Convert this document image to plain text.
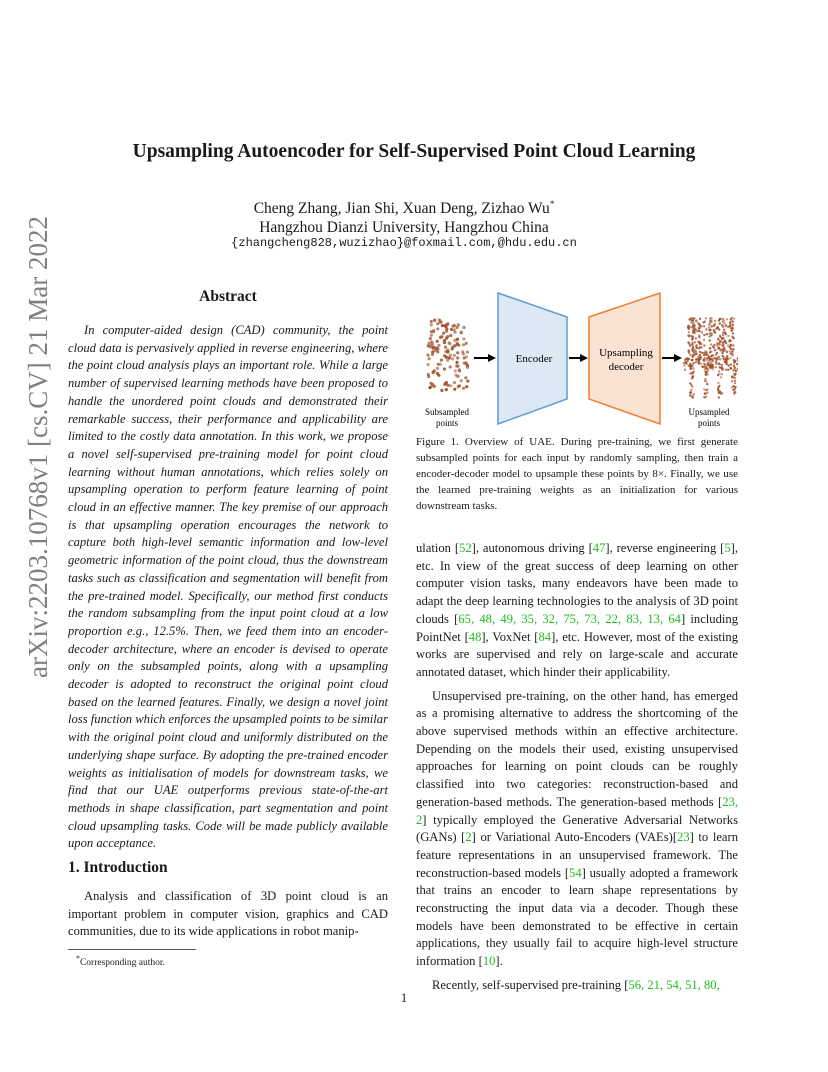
Upsampling Autoencoder for Self-Supervised Point Cloud Learning
Cheng Zhang, Jian Shi, Xuan Deng, Zizhao Wu*
Hangzhou Dianzi University, Hangzhou China
{zhangcheng828,wuzizhao}@foxmail.com,@hdu.edu.cn
arXiv:2203.10768v1 [cs.CV] 21 Mar 2022	Abstract

In computer-aided design (CAD) community, the point cloud data is pervasively applied in reverse engineering, where the point cloud analysis plays an important role. While a large number of supervised learning methods have been proposed to handle the unordered point clouds and demonstrated their remarkable success, their performance and applicability are limited to the costly data annotation. In this work, we propose a novel self-supervised pre-training model for point cloud learning without human annotations, which relies solely on upsampling operation to perform feature learning of point cloud in an effective manner. The key premise of our approach is that upsampling operation encourages the network to capture both high-level semantic information and low-level geometric information of the point cloud, thus the downstream tasks such as classification and segmentation will benefit from the pre-trained model. Specifically, our method first conducts the random subsampling from the input point cloud at a low proportion e.g., 12.5%. Then, we feed them into an encoder-decoder architecture, where an encoder is devised to operate only on the subsampled points, along with a upsampling decoder is adopted to reconstruct the original point cloud based on the learned features. Finally, we design a novel joint loss function which enforces the upsampled points to be similar with the original point cloud and uniformly distributed on the underlying shape surface. By adopting the pre-trained encoder weights as initialisation of models for downstream tasks, we find that our UAE outperforms previous state-of-the-art methods in shape classification, part segmentation and point cloud upsampling tasks. Code will be made publicly available upon acceptance.

1. Introduction

Analysis and classification of 3D point cloud is an important problem in computer vision, graphics and CAD communities, due to its wide applications in robot manip-

*Corresponding author.
Encoder	Upsampling
decoder
Subsampled
points
Upsampled
points
Figure 1. Overview of UAE. During pre-training, we first generate subsampled points for each input by randomly sampling, then train a encoder-decoder model to upsample these points by 8×. Finally, we use the learned pre-training weights as an initialization for various downstream tasks.

ulation [52], autonomous driving [47], reverse engineering [5], etc. In view of the great success of deep learning on other computer vision tasks, many endeavors have been made to adapt the deep learning technologies to the analysis of 3D point clouds [65, 48, 49, 35, 32, 75, 73, 22, 83, 13, 64] including PointNet [48], VoxNet [84], etc. However, most of the existing works are supervised and rely on large-scale and accurate annotated dataset, which hinder their applicability.

Unsupervised pre-training, on the other hand, has emerged as a promising alternative to address the shortcoming of the above supervised methods within an effective architecture. Depending on the models their used, existing unsupervised approaches for learning on point clouds can be roughly classified into two categories: reconstruction-based and generation-based methods. The generation-based methods [23, 2] typically employed the Generative Adversarial Networks (GANs) [2] or Variational Auto-Encoders (VAEs)[23] to learn feature representations in an unsupervised framework. The reconstruction-based models [54] usually adopted a framework that trains an encoder to learn shape representations by reconstructing the input data via a decoder. Though these models have been demonstrated to be effective in certain applications, they usually fail to acquire high-level structure information [10].

Recently, self-supervised pre-training [56, 21, 54, 51, 80,

1
